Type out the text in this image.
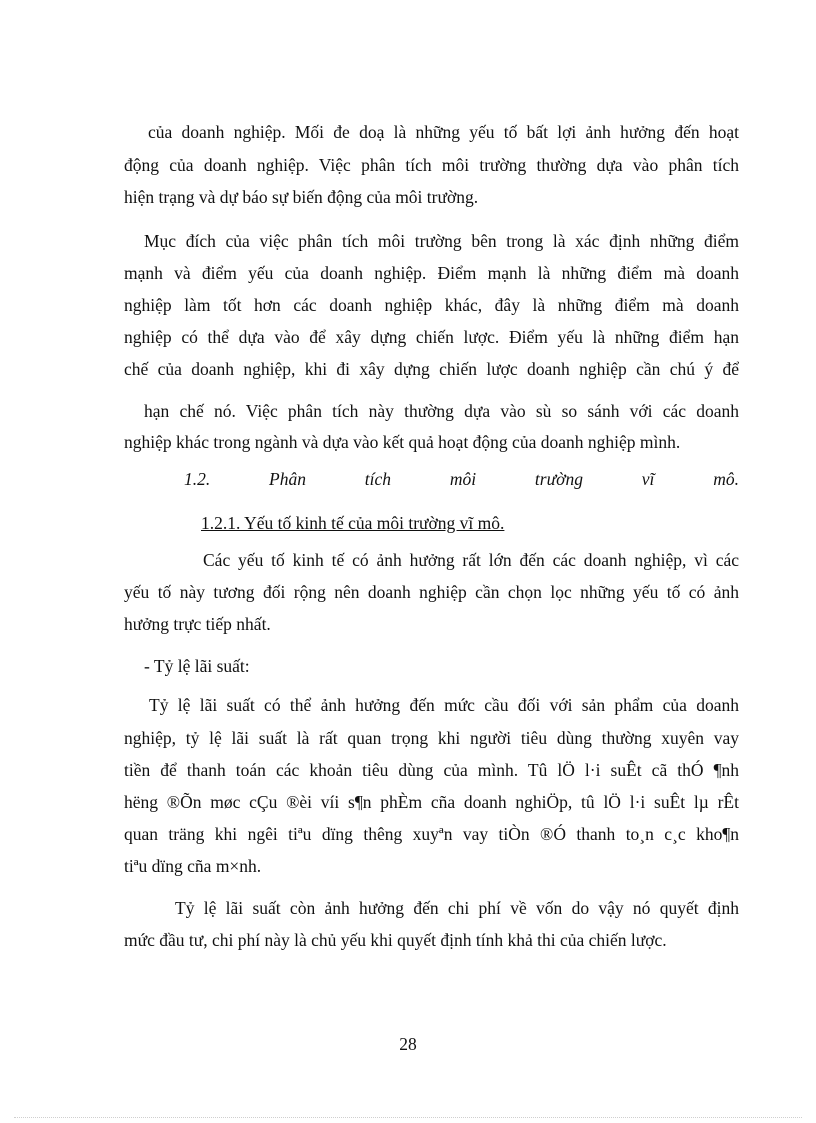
của doanh nghiệp. Mối đe doạ là những yếu tố bất lợi ảnh hưởng đến hoạt
động của doanh nghiệp. Việc phân tích môi trường thường dựa vào phân tích
hiện trạng và dự báo sự biến động của môi trường.
Mục đích của việc phân tích môi trường bên trong là xác định những điểm
mạnh và điểm yếu của doanh nghiệp. Điểm mạnh là những điểm mà doanh
nghiệp làm tốt hơn các doanh nghiệp khác, đây là những điểm mà doanh
nghiệp có thể dựa vào để xây dựng chiến lược. Điểm yếu là những điểm hạn
chế của doanh nghiệp, khi đi xây dựng chiến lược doanh nghiệp cần chú ý để
hạn chế nó. Việc phân tích này thường dựa vào sù so sánh với các doanh
nghiệp khác trong ngành và dựa vào kết quả hoạt động của doanh nghiệp mình.
1.2. Phân tích môi trường vĩ mô.
1.2.1. Yếu tố kinh tế của môi trường vĩ mô.
Các yếu tố kinh tế có ảnh hưởng rất lớn đến các doanh nghiệp, vì các
yếu tố này tương đối rộng nên doanh nghiệp cần chọn lọc những yếu tố có ảnh
hưởng trực tiếp nhất.
- Tỷ lệ lãi suất:
Tỷ lệ lãi suất có thể ảnh hưởng đến mức cầu đối với sản phẩm của doanh
nghiệp, tỷ lệ lãi suất là rất quan trọng khi người tiêu dùng thường xuyên vay
tiền để thanh toán các khoản tiêu dùng của mình. Tû lÖ l·i suÊt cã thÓ ¶nh
hëng ®Õn møc cÇu ®èi víi s¶n phÈm cña doanh nghiÖp, tû lÖ l·i suÊt lµ rÊt
quan träng khi ngêi tiªu dïng thêng xuyªn vay tiÒn ®Ó thanh to¸n c¸c kho¶n
tiªu dïng cña m×nh.
Tỷ lệ lãi suất còn ảnh hưởng đến chi phí về vốn do vậy nó quyết định
mức đầu tư, chi phí này là chủ yếu khi quyết định tính khả thi của chiến lược.
28
